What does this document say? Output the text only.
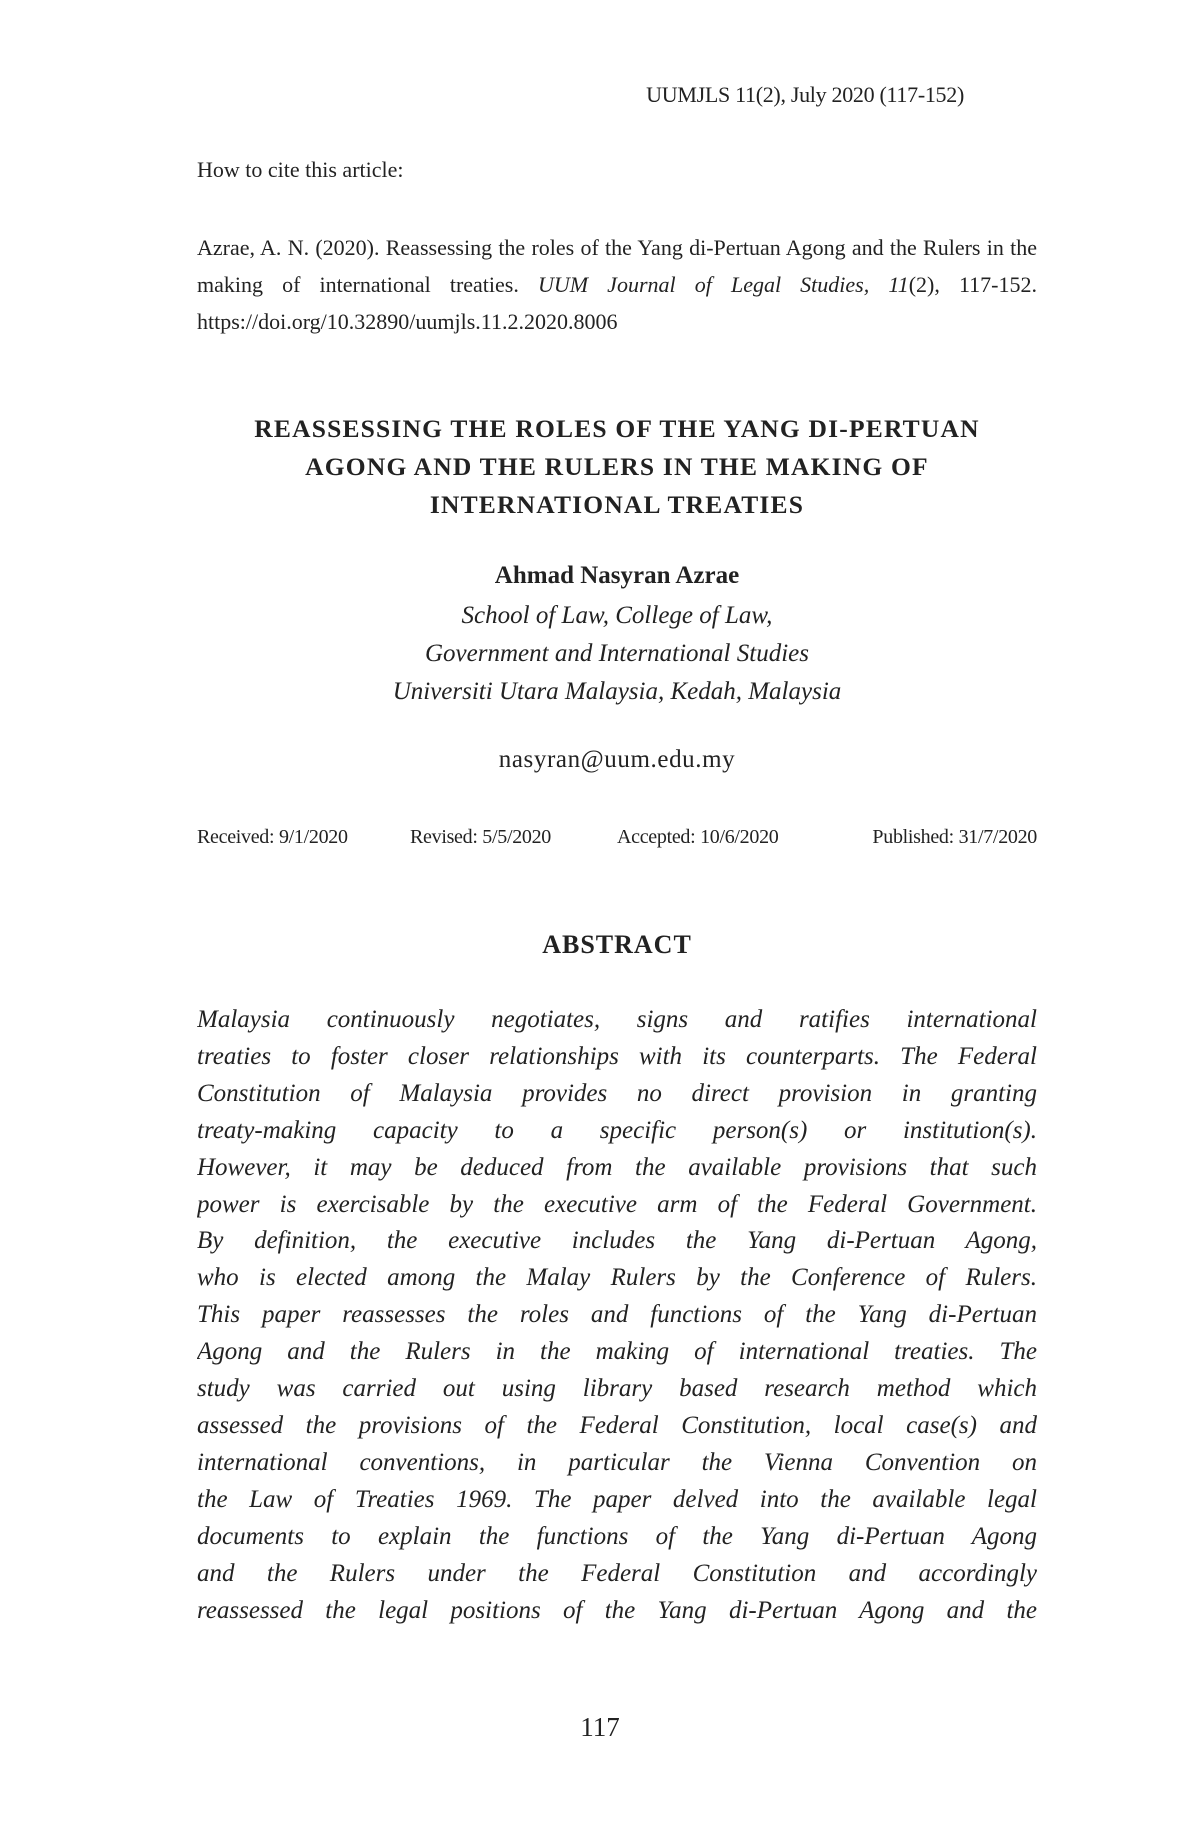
UUMJLS 11(2), July 2020 (117-152)
How to cite this article:

Azrae, A. N. (2020). Reassessing the roles of the Yang di-Pertuan Agong and the Rulers in the making of international treaties. UUM Journal of Legal Studies, 11(2), 117-152. https://doi.org/10.32890/uumjls.11.2.2020.8006

REASSESSING THE ROLES OF THE YANG DI-PERTUAN
AGONG AND THE RULERS IN THE MAKING OF
INTERNATIONAL TREATIES
Ahmad Nasyran Azrae
School of Law, College of Law,
Government and International Studies
Universiti Utara Malaysia, Kedah, Malaysia
nasyran@uum.edu.my
Received: 9/1/2020	Revised: 5/5/2020	Accepted: 10/6/2020	Published: 31/7/2020
ABSTRACT
Malaysia continuously negotiates, signs and ratifies international
treaties to foster closer relationships with its counterparts. The Federal
Constitution of Malaysia provides no direct provision in granting
treaty-making capacity to a specific person(s) or institution(s).
However, it may be deduced from the available provisions that such
power is exercisable by the executive arm of the Federal Government.
By definition, the executive includes the Yang di-Pertuan Agong,
who is elected among the Malay Rulers by the Conference of Rulers.
This paper reassesses the roles and functions of the Yang di-Pertuan
Agong and the Rulers in the making of international treaties. The
study was carried out using library based research method which
assessed the provisions of the Federal Constitution, local case(s) and
international conventions, in particular the Vienna Convention on
the Law of Treaties 1969. The paper delved into the available legal
documents to explain the functions of the Yang di-Pertuan Agong
and the Rulers under the Federal Constitution and accordingly
reassessed the legal positions of the Yang di-Pertuan Agong and the
117
